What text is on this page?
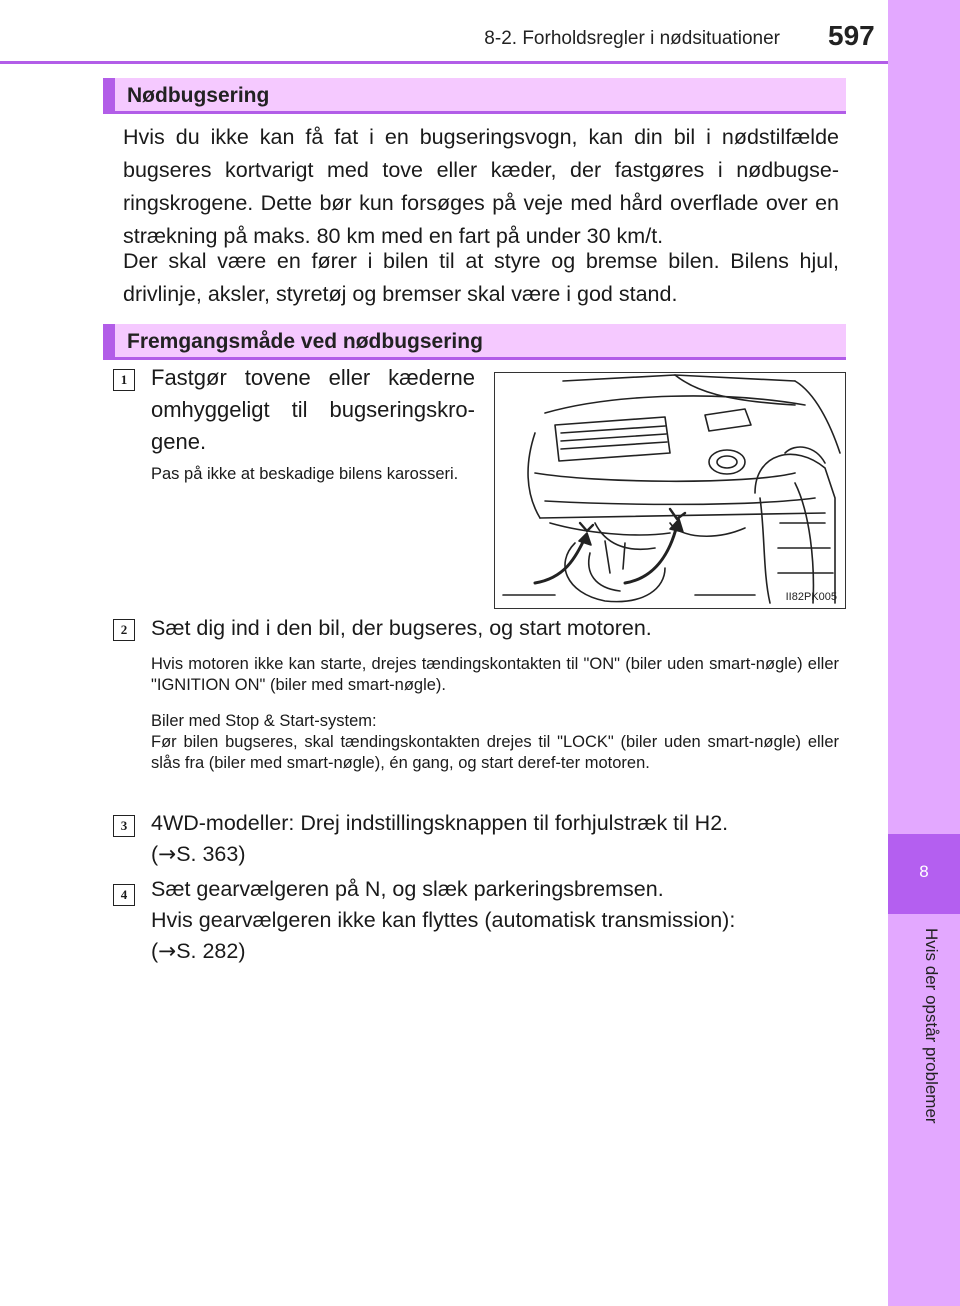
8-2. Forholdsregler i nødsituationer 597
8
Hvis der opstår problemer
Nødbugsering
Hvis du ikke kan få fat i en bugseringsvogn, kan din bil i nødstilfælde bugseres kortvarigt med tove eller kæder, der fastgøres i nødbugse-ringskrogene. Dette bør kun forsøges på veje med hård overflade over en strækning på maks. 80 km med en fart på under 30 km/t.
Der skal være en fører i bilen til at styre og bremse bilen. Bilens hjul, drivlinje, aksler, styretøj og bremser skal være i god stand.
Fremgangsmåde ved nødbugsering
1	Fastgør tovene eller kæderne omhyggeligt til bugseringskro-gene.
Pas på ikke at beskadige bilens karosseri.
II82PK005
2	Sæt dig ind i den bil, der bugseres, og start motoren.
Hvis motoren ikke kan starte, drejes tændingskontakten til "ON" (biler uden smart-nøgle) eller "IGNITION ON" (biler med smart-nøgle).
Biler med Stop & Start-system:
Før bilen bugseres, skal tændingskontakten drejes til "LOCK" (biler uden smart-nøgle) eller slås fra (biler med smart-nøgle), én gang, og start deref-ter motoren.
3	4WD-modeller: Drej indstillingsknappen til forhjulstræk til H2.
(→S. 363)
4	Sæt gearvælgeren på N, og slæk parkeringsbremsen.
Hvis gearvælgeren ikke kan flyttes (automatisk transmission):
(→S. 282)
